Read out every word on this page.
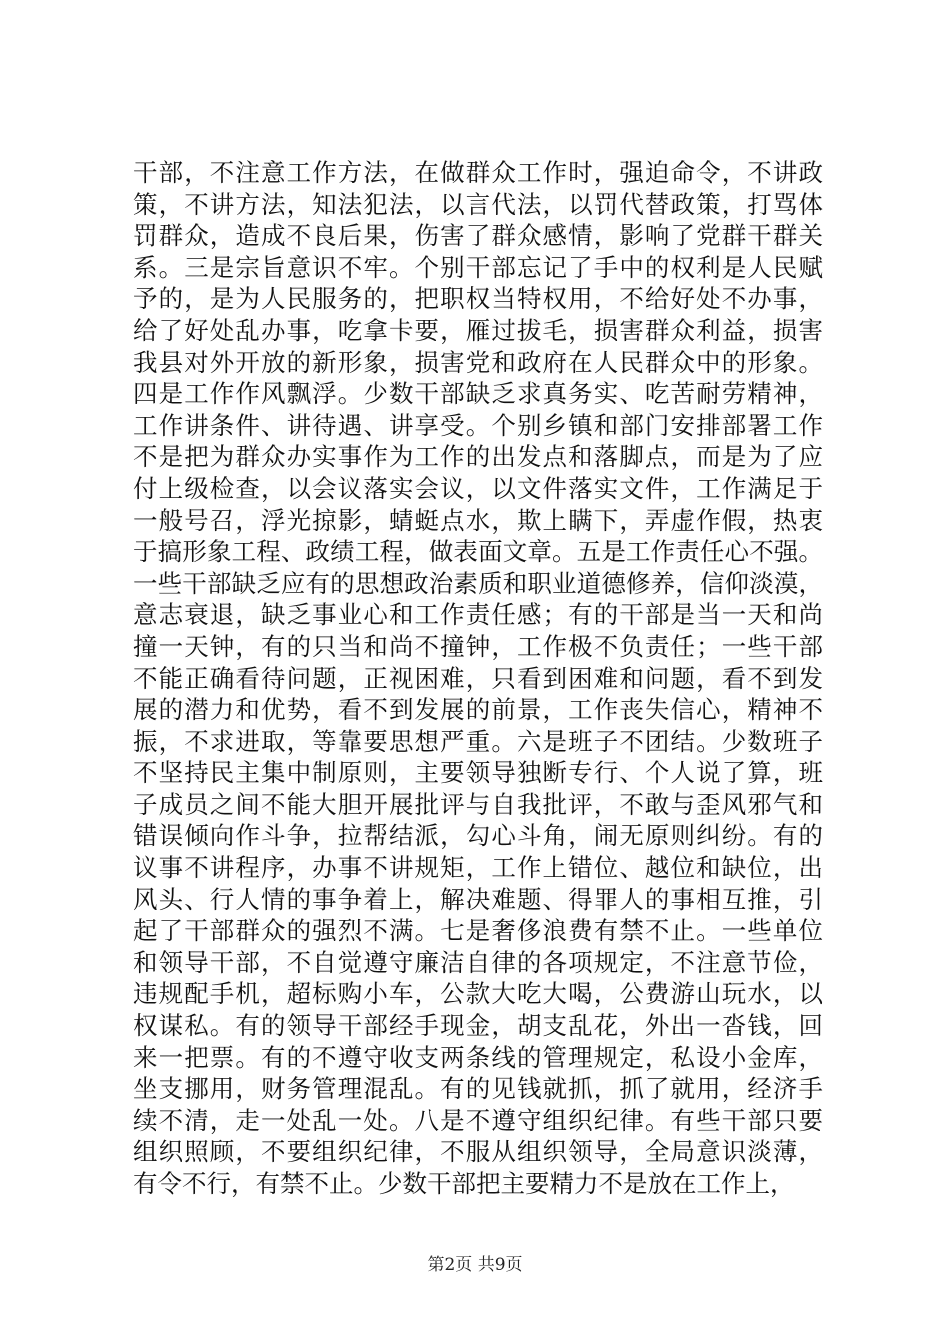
干部，不注意工作方法，在做群众工作时，强迫命令，不讲政
策，不讲方法，知法犯法，以言代法，以罚代替政策，打骂体
罚群众，造成不良后果，伤害了群众感情，影响了党群干群关
系。三是宗旨意识不牢。个别干部忘记了手中的权利是人民赋
予的，是为人民服务的，把职权当特权用，不给好处不办事，
给了好处乱办事，吃拿卡要，雁过拔毛，损害群众利益，损害
我县对外开放的新形象，损害党和政府在人民群众中的形象。
四是工作作风飘浮。少数干部缺乏求真务实、吃苦耐劳精神，
工作讲条件、讲待遇、讲享受。个别乡镇和部门安排部署工作
不是把为群众办实事作为工作的出发点和落脚点，而是为了应
付上级检查，以会议落实会议，以文件落实文件，工作满足于
一般号召，浮光掠影，蜻蜓点水，欺上瞒下，弄虚作假，热衷
于搞形象工程、政绩工程，做表面文章。五是工作责任心不强。
一些干部缺乏应有的思想政治素质和职业道德修养，信仰淡漠，
意志衰退，缺乏事业心和工作责任感；有的干部是当一天和尚
撞一天钟，有的只当和尚不撞钟，工作极不负责任；一些干部
不能正确看待问题，正视困难，只看到困难和问题，看不到发
展的潜力和优势，看不到发展的前景，工作丧失信心，精神不
振，不求进取，等靠要思想严重。六是班子不团结。少数班子
不坚持民主集中制原则，主要领导独断专行、个人说了算，班
子成员之间不能大胆开展批评与自我批评，不敢与歪风邪气和
错误倾向作斗争，拉帮结派，勾心斗角，闹无原则纠纷。有的
议事不讲程序，办事不讲规矩，工作上错位、越位和缺位，出
风头、行人情的事争着上，解决难题、得罪人的事相互推，引
起了干部群众的强烈不满。七是奢侈浪费有禁不止。一些单位
和领导干部，不自觉遵守廉洁自律的各项规定，不注意节俭，
违规配手机，超标购小车，公款大吃大喝，公费游山玩水，以
权谋私。有的领导干部经手现金，胡支乱花，外出一沓钱，回
来一把票。有的不遵守收支两条线的管理规定，私设小金库，
坐支挪用，财务管理混乱。有的见钱就抓，抓了就用，经济手
续不清，走一处乱一处。八是不遵守组织纪律。有些干部只要
组织照顾，不要组织纪律，不服从组织领导，全局意识淡薄，
有令不行，有禁不止。少数干部把主要精力不是放在工作上，
第2页 共9页
